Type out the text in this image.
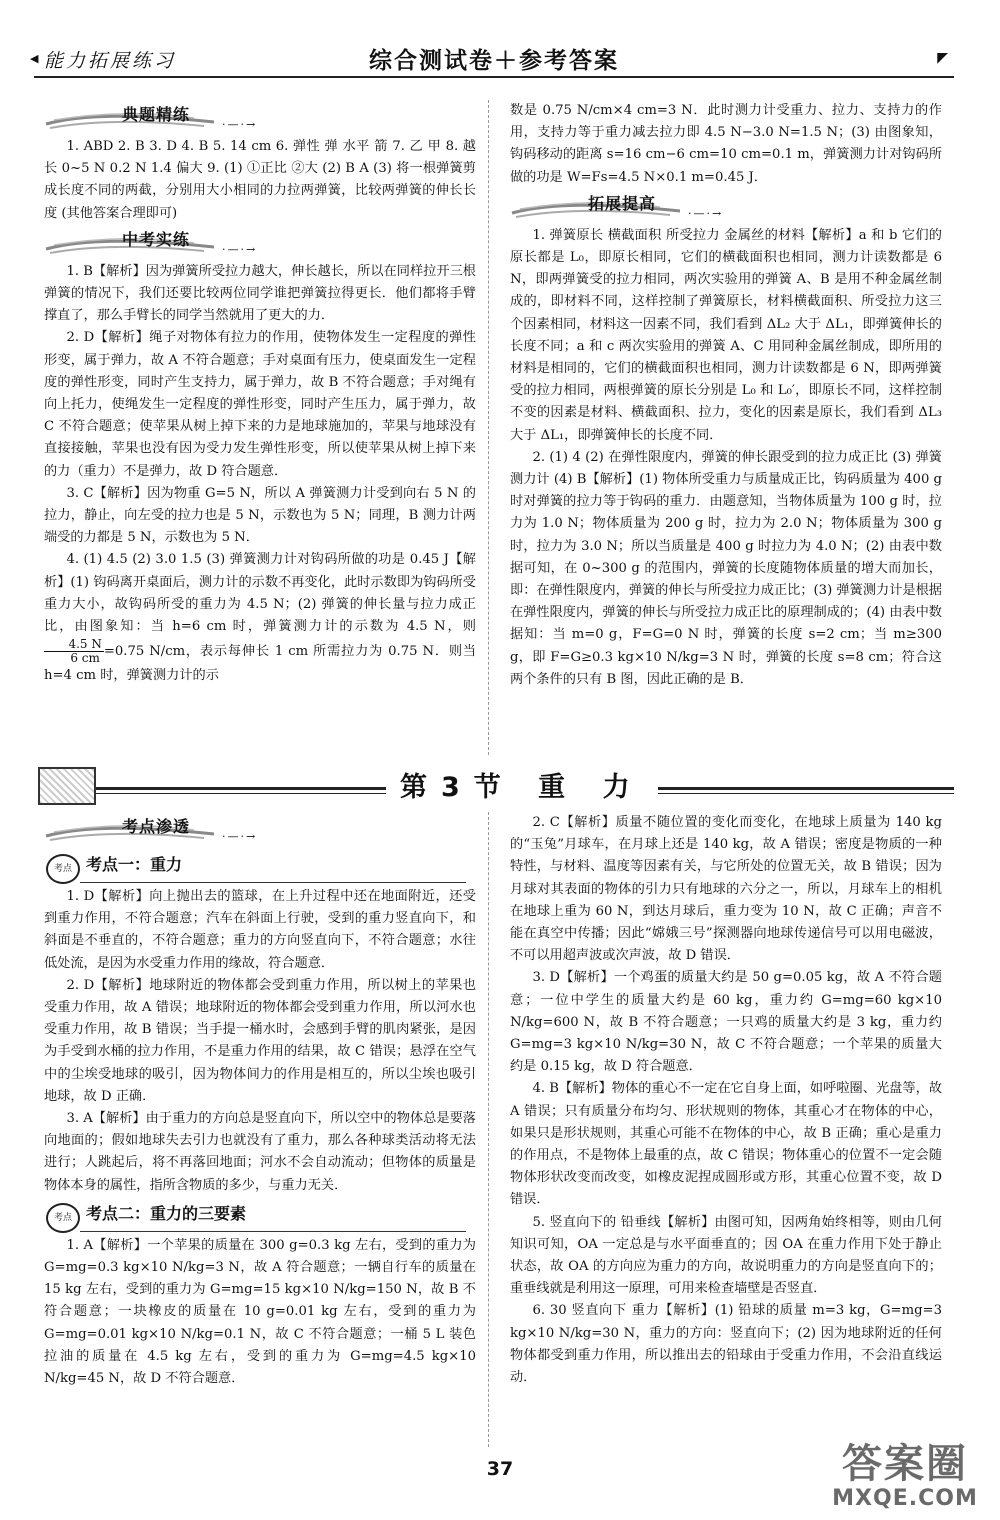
◀ 能力拓展练习	综合测试卷＋参考答案	◤
典题精练
·—·→

1. ABD 2. B 3. D 4. B 5. 14 cm 6. 弹性 弹 水平 箭 7. 乙 甲 8. 越长 0~5 N 0.2 N 1.4 偏大 9. (1) ①正比 ②大 (2) B A (3) 将一根弹簧剪成长度不同的两截，分别用大小相同的力拉两弹簧，比较两弹簧的伸长长度 (其他答案合理即可)

中考实练
·—·→

1. B【解析】因为弹簧所受拉力越大，伸长越长，所以在同样拉开三根弹簧的情况下，我们还要比较两位同学谁把弹簧拉得更长．他们都将手臂撑直了，那么手臂长的同学当然就用了更大的力．

2. D【解析】绳子对物体有拉力的作用，使物体发生一定程度的弹性形变，属于弹力，故 A 不符合题意；手对桌面有压力，使桌面发生一定程度的弹性形变，同时产生支持力，属于弹力，故 B 不符合题意；手对绳有向上托力，使绳发生一定程度的弹性形变，同时产生压力，属于弹力，故 C 不符合题意；使苹果从树上掉下来的力是地球施加的，苹果与地球没有直接接触，苹果也没有因为受力发生弹性形变，所以使苹果从树上掉下来的力（重力）不是弹力，故 D 符合题意．

3. C【解析】因为物重 G=5 N，所以 A 弹簧测力计受到向右 5 N 的拉力，静止，向左受的拉力也是 5 N，示数也为 5 N；同理，B 测力计两端受的力都是 5 N，示数也为 5 N．

4. (1) 4.5 (2) 3.0 1.5 (3) 弹簧测力计对钩码所做的功是 0.45 J【解析】(1) 钩码离开桌面后，测力计的示数不再变化，此时示数即为钩码所受重力大小，故钩码所受的重力为 4.5 N；(2) 弹簧的伸长量与拉力成正比，由图象知：当 h=6 cm 时，弹簧测力计的示数为 4.5 N，则
$\frac{4.5 N}{6 cm} =0.75$ N/cm，表示每伸长 1 cm 所需拉力为 0.75 N．则当 h=4 cm 时，弹簧测力计的示

数是 0.75 N/cm×4 cm=3 N．此时测力计受重力、拉力、支持力的作用，支持力等于重力减去拉力即 4.5 N−3.0 N=1.5 N；(3) 由图象知，钩码移动的距离 s=16 cm−6 cm=10 cm=0.1 m，弹簧测力计对钩码所做的功是 W=Fs=4.5 N×0.1 m=0.45 J．

拓展提高
·—·→

1. 弹簧原长 横截面积 所受拉力 金属丝的材料【解析】a 和 b 它们的原长都是 L₀，即原长相同，它们的横截面积也相同，测力计读数都是 6 N，即两弹簧受的拉力相同，两次实验用的弹簧 A、B 是用不种金属丝制成的，即材料不同，这样控制了弹簧原长，材料横截面积、所受拉力这三个因素相同，材料这一因素不同，我们看到 ΔL₂ 大于 ΔL₁，即弹簧伸长的长度不同；a 和 c 两次实验用的弹簧 A、C 用同种金属丝制成，即所用的材料是相同的，它们的横截面积也相同，测力计读数都是 6 N，即两弹簧受的拉力相同，两根弹簧的原长分别是 L₀ 和 L₀′，即原长不同，这样控制不变的因素是材料、横截面积、拉力，变化的因素是原长，我们看到 ΔL₃ 大于 ΔL₁，即弹簧伸长的长度不同．

2. (1) 4 (2) 在弹性限度内，弹簧的伸长跟受到的拉力成正比 (3) 弹簧测力计 (4) B【解析】(1) 物体所受重力与质量成正比，钩码质量为 400 g 时对弹簧的拉力等于钩码的重力．由题意知，当物体质量为 100 g 时，拉力为 1.0 N；物体质量为 200 g 时，拉力为 2.0 N；物体质量为 300 g 时，拉力为 3.0 N；所以当质量是 400 g 时拉力为 4.0 N；(2) 由表中数据可知，在 0~300 g 的范围内，弹簧的长度随物体质量的增大而加长，即：在弹性限度内，弹簧的伸长与所受拉力成正比；(3) 弹簧测力计是根据在弹性限度内，弹簧的伸长与所受拉力成正比的原理制成的；(4) 由表中数据知：当 m=0 g，F=G=0 N 时，弹簧的长度 s=2 cm；当 m≥300 g，即 F=G≥0.3 kg×10 N/kg=3 N 时，弹簧的长度 s=8 cm；符合这两个条件的只有 B 图，因此正确的是 B．

第3节 重 力
考点渗透
·—·→
考点 考点一：重力

1. D【解析】向上抛出去的篮球，在上升过程中还在地面附近，还受到重力作用，不符合题意；汽车在斜面上行驶，受到的重力竖直向下，和斜面是不垂直的，不符合题意；重力的方向竖直向下，不符合题意；水往低处流，是因为水受重力作用的缘故，符合题意．

2. D【解析】地球附近的物体都会受到重力作用，所以树上的苹果也受重力作用，故 A 错误；地球附近的物体都会受到重力作用，所以河水也受重力作用，故 B 错误；当手提一桶水时，会感到手臂的肌肉紧张，是因为手受到水桶的拉力作用，不是重力作用的结果，故 C 错误；悬浮在空气中的尘埃受地球的吸引，因为物体间力的作用是相互的，所以尘埃也吸引地球，故 D 正确．

3. A【解析】由于重力的方向总是竖直向下，所以空中的物体总是要落向地面的；假如地球失去引力也就没有了重力，那么各种球类活动将无法进行；人跳起后，将不再落回地面；河水不会自动流动；但物体的质量是物体本身的属性，指所含物质的多少，与重力无关．

考点 考点二：重力的三要素

1. A【解析】一个苹果的质量在 300 g=0.3 kg 左右，受到的重力为 G=mg=0.3 kg×10 N/kg=3 N，故 A 符合题意；一辆自行车的质量在 15 kg 左右，受到的重力为 G=mg=15 kg×10 N/kg=150 N，故 B 不符合题意；一块橡皮的质量在 10 g=0.01 kg 左右，受到的重力为 G=mg=0.01 kg×10 N/kg=0.1 N，故 C 不符合题意；一桶 5 L 装色拉油的质量在 4.5 kg 左右，受到的重力为 G=mg=4.5 kg×10 N/kg=45 N，故 D 不符合题意．

2. C【解析】质量不随位置的变化而变化，在地球上质量为 140 kg 的“玉兔”月球车，在月球上还是 140 kg，故 A 错误；密度是物质的一种特性，与材料、温度等因素有关，与它所处的位置无关，故 B 错误；因为月球对其表面的物体的引力只有地球的六分之一，所以，月球车上的相机在地球上重为 60 N，到达月球后，重力变为 10 N，故 C 正确；声音不能在真空中传播；因此“嫦娥三号”探测器向地球传递信号可以用电磁波，不可以用超声波或次声波，故 D 错误．

3. D【解析】一个鸡蛋的质量大约是 50 g=0.05 kg，故 A 不符合题意；一位中学生的质量大约是 60 kg，重力约 G=mg=60 kg×10 N/kg=600 N，故 B 不符合题意；一只鸡的质量大约是 3 kg，重力约 G=mg=3 kg×10 N/kg=30 N，故 C 不符合题意；一个苹果的质量大约是 0.15 kg，故 D 符合题意．

4. B【解析】物体的重心不一定在它自身上面，如呼啦圈、光盘等，故 A 错误；只有质量分布均匀、形状规则的物体，其重心才在物体的中心，如果只是形状规则，其重心可能不在物体的中心，故 B 正确；重心是重力的作用点，不是物体上最重的点，故 C 错误；物体重心的位置不一定会随物体形状改变而改变，如橡皮泥捏成圆形或方形，其重心位置不变，故 D 错误．

5. 竖直向下的 铅垂线【解析】由图可知，因两角始终相等，则由几何知识可知，OA 一定总是与水平面垂直的；因 OA 在重力作用下处于静止状态，故 OA 的方向应为重力的方向，故说明重力的方向是竖直向下的；重垂线就是利用这一原理，可用来检查墙壁是否竖直．

6. 30 竖直向下 重力【解析】(1) 铅球的质量 m=3 kg，G=mg=3 kg×10 N/kg=30 N，重力的方向：竖直向下；(2) 因为地球附近的任何物体都受到重力作用，所以推出去的铅球由于受重力作用，不会沿直线运动．

37	答案圈
MXQE.COM
